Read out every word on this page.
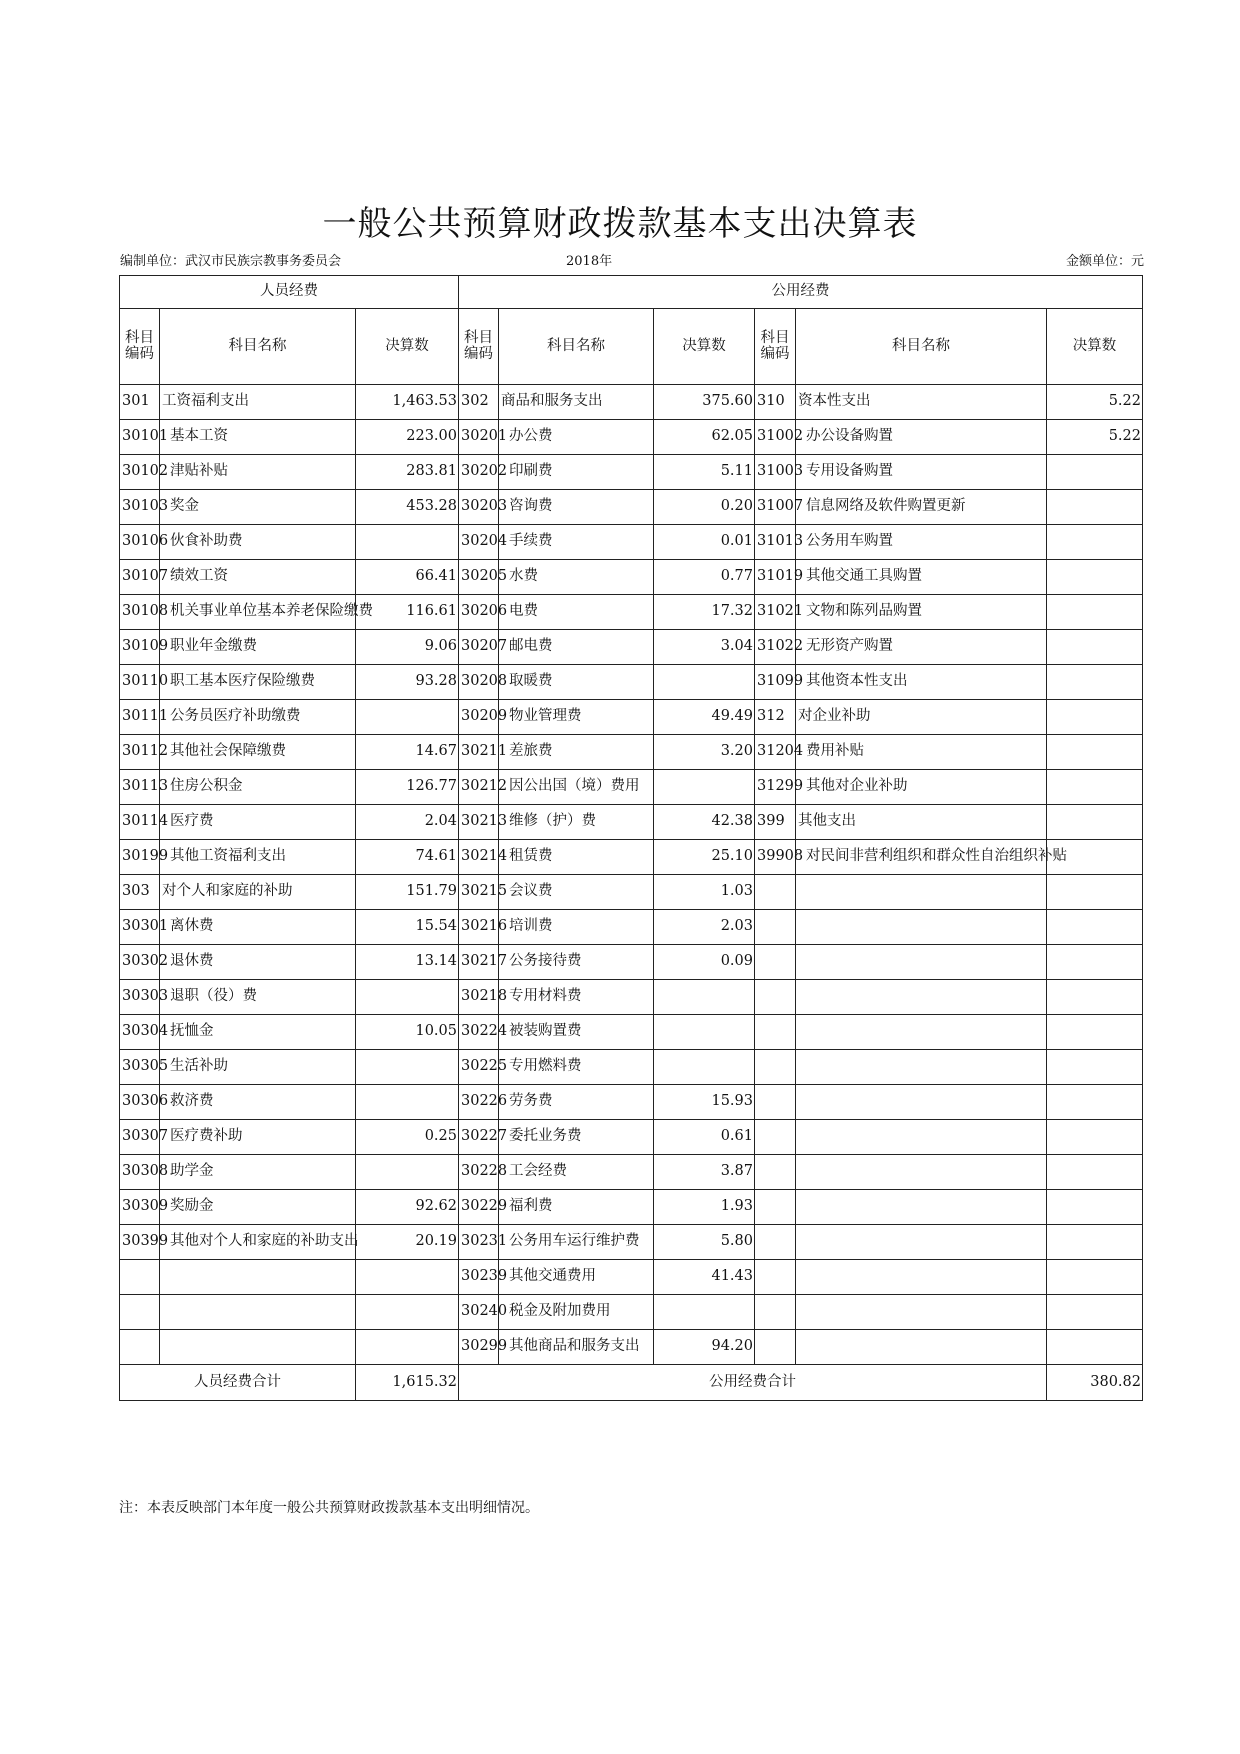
一般公共预算财政拨款基本支出决算表
编制单位：武汉市民族宗教事务委员会	2018年	金额单位：元
人员经费			公用经费					
科目编码	科目名称	决算数	科目编码	科目名称	决算数	科目编码	科目名称	决算数
301	工资福利支出	1,463.53	302	商品和服务支出	375.60	310	资本性支出	5.22
30101	基本工资	223.00	30201	办公费	62.05	31002	办公设备购置	5.22
30102	津贴补贴	283.81	30202	印刷费	5.11	31003	专用设备购置	
30103	奖金	453.28	30203	咨询费	0.20	31007	信息网络及软件购置更新	
30106	伙食补助费		30204	手续费	0.01	31013	公务用车购置	
30107	绩效工资	66.41	30205	水费	0.77	31019	其他交通工具购置	
30108	机关事业单位基本养老保险缴费	116.61	30206	电费	17.32	31021	文物和陈列品购置	
30109	职业年金缴费	9.06	30207	邮电费	3.04	31022	无形资产购置	
30110	职工基本医疗保险缴费	93.28	30208	取暖费		31099	其他资本性支出	
30111	公务员医疗补助缴费		30209	物业管理费	49.49	312	对企业补助	
30112	其他社会保障缴费	14.67	30211	差旅费	3.20	31204	费用补贴	
30113	住房公积金	126.77	30212	因公出国（境）费用		31299	其他对企业补助	
30114	医疗费	2.04	30213	维修（护）费	42.38	399	其他支出	
30199	其他工资福利支出	74.61	30214	租赁费	25.10	39908	对民间非营利组织和群众性自治组织补贴	
303	对个人和家庭的补助	151.79	30215	会议费	1.03			
30301	离休费	15.54	30216	培训费	2.03			
30302	退休费	13.14	30217	公务接待费	0.09			
30303	退职（役）费		30218	专用材料费				
30304	抚恤金	10.05	30224	被装购置费				
30305	生活补助		30225	专用燃料费				
30306	救济费		30226	劳务费	15.93			
30307	医疗费补助	0.25	30227	委托业务费	0.61			
30308	助学金		30228	工会经费	3.87			
30309	奖励金	92.62	30229	福利费	1.93			
30399	其他对个人和家庭的补助支出	20.19	30231	公务用车运行维护费	5.80			
			30239	其他交通费用	41.43			
			30240	税金及附加费用				
			30299	其他商品和服务支出	94.20			
人员经费合计		1,615.32	公用经费合计					380.82
注：本表反映部门本年度一般公共预算财政拨款基本支出明细情况。
